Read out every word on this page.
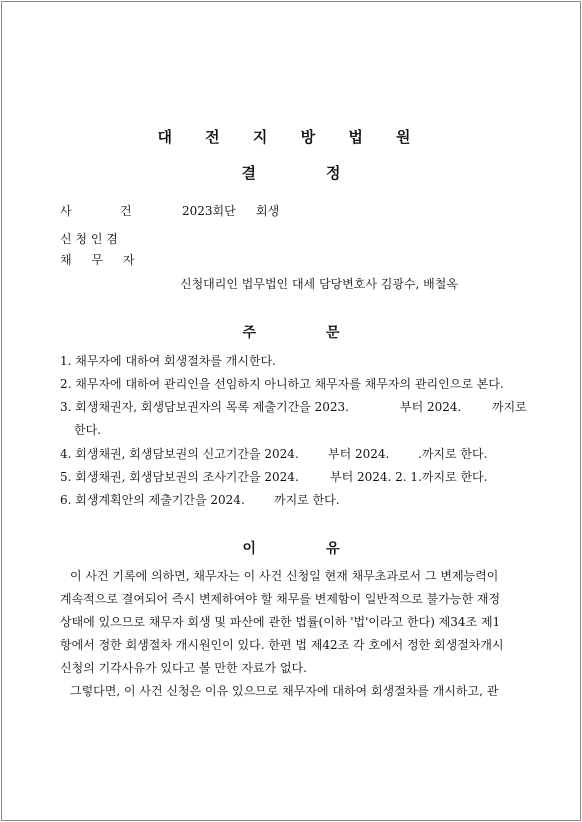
대 전 지 방 법 원
결	정
사	건	2023회단 회생
신 청 인 겸
채 무 자
신청대리인 법무법인 대세 담당변호사 김광수, 배철옥
주	문
1. 채무자에 대하여 회생절차를 개시한다.
2. 채무자에 대하여 관리인을 선임하지 아니하고 채무자를 채무자의 관리인으로 본다.
3. 회생채권자, 회생담보권자의 목록 제출기간을 2023.	부터 2024.	까지로
한다.
4. 회생채권, 회생담보권의 신고기간을 2024. 부터 2024. .까지로 한다.
5. 회생채권, 회생담보권의 조사기간을 2024.	부터 2024. 2. 1.까지로 한다.
6. 회생계획안의 제출기간을 2024. 까지로 한다.
이	유
이 사건 기록에 의하면, 채무자는 이 사건 신청일 현재 채무초과로서 그 변제능력이
계속적으로 결여되어 즉시 변제하여야 할 채무를 변제함이 일반적으로 불가능한 재정
상태에 있으므로 채무자 회생 및 파산에 관한 법률(이하 '법'이라고 한다) 제34조 제1
항에서 정한 회생절차 개시원인이 있다. 한편 법 제42조 각 호에서 정한 회생절차개시
신청의 기각사유가 있다고 볼 만한 자료가 없다.
그렇다면, 이 사건 신청은 이유 있으므로 채무자에 대하여 회생절차를 개시하고, 관
